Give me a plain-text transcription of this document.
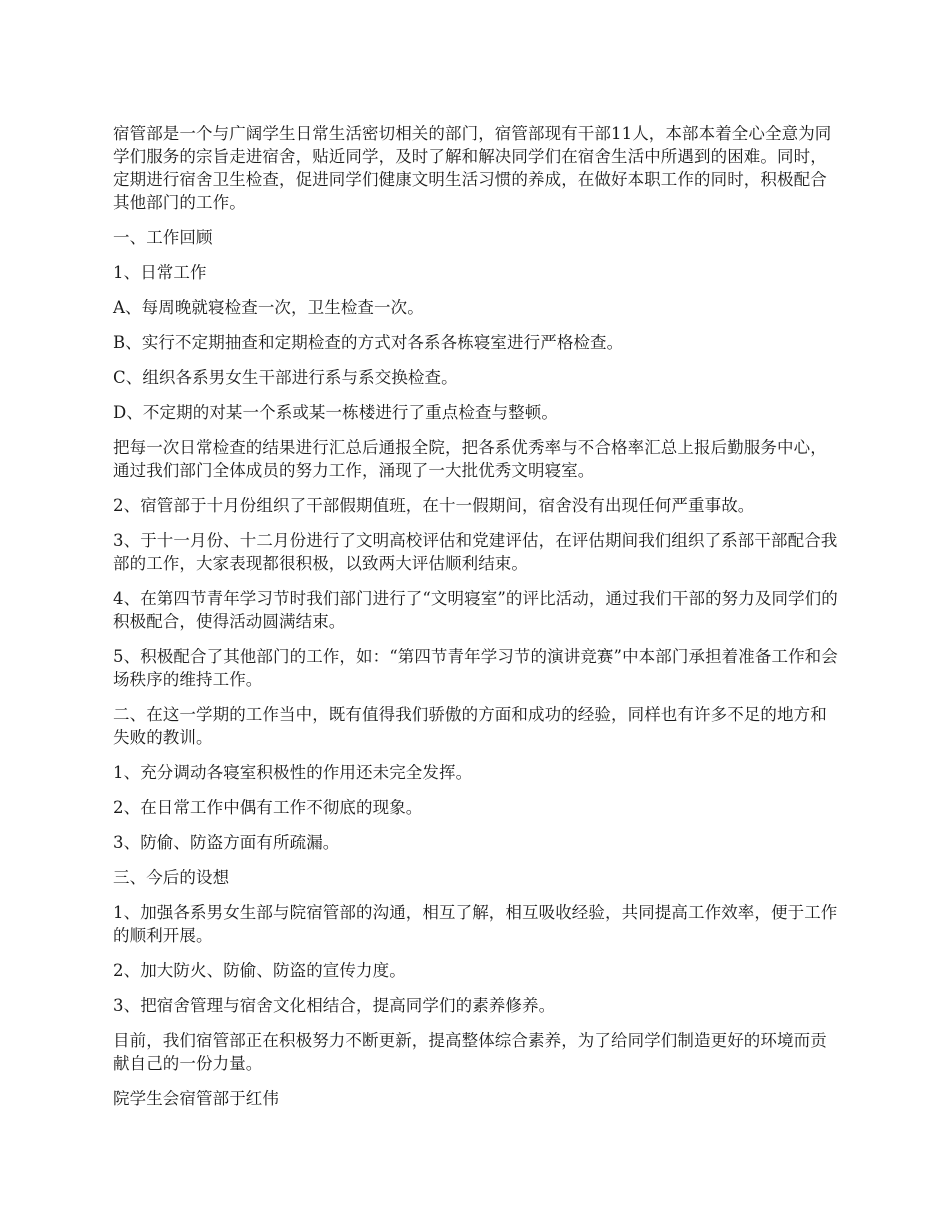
宿管部是一个与广阔学生日常生活密切相关的部门，宿管部现有干部11人，本部本着全心全意为同学们服务的宗旨走进宿舍，贴近同学，及时了解和解决同学们在宿舍生活中所遇到的困难。同时，定期进行宿舍卫生检查，促进同学们健康文明生活习惯的养成，在做好本职工作的同时，积极配合其他部门的工作。

一、工作回顾

1、日常工作

A、每周晚就寝检查一次，卫生检查一次。

B、实行不定期抽查和定期检查的方式对各系各栋寝室进行严格检查。

C、组织各系男女生干部进行系与系交换检查。

D、不定期的对某一个系或某一栋楼进行了重点检查与整顿。

把每一次日常检查的结果进行汇总后通报全院，把各系优秀率与不合格率汇总上报后勤服务中心，通过我们部门全体成员的努力工作，涌现了一大批优秀文明寝室。

2、宿管部于十月份组织了干部假期值班，在十一假期间，宿舍没有出现任何严重事故。

3、于十一月份、十二月份进行了文明高校评估和党建评估，在评估期间我们组织了系部干部配合我部的工作，大家表现都很积极，以致两大评估顺利结束。

4、在第四节青年学习节时我们部门进行了“文明寝室”的评比活动，通过我们干部的努力及同学们的积极配合，使得活动圆满结束。

5、积极配合了其他部门的工作，如：“第四节青年学习节的演讲竞赛”中本部门承担着准备工作和会场秩序的维持工作。

二、在这一学期的工作当中，既有值得我们骄傲的方面和成功的经验，同样也有许多不足的地方和失败的教训。

1、充分调动各寝室积极性的作用还未完全发挥。

2、在日常工作中偶有工作不彻底的现象。

3、防偷、防盗方面有所疏漏。

三、今后的设想

1、加强各系男女生部与院宿管部的沟通，相互了解，相互吸收经验，共同提高工作效率，便于工作的顺利开展。

2、加大防火、防偷、防盗的宣传力度。

3、把宿舍管理与宿舍文化相结合，提高同学们的素养修养。

目前，我们宿管部正在积极努力不断更新，提高整体综合素养，为了给同学们制造更好的环境而贡献自己的一份力量。

院学生会宿管部于红伟
